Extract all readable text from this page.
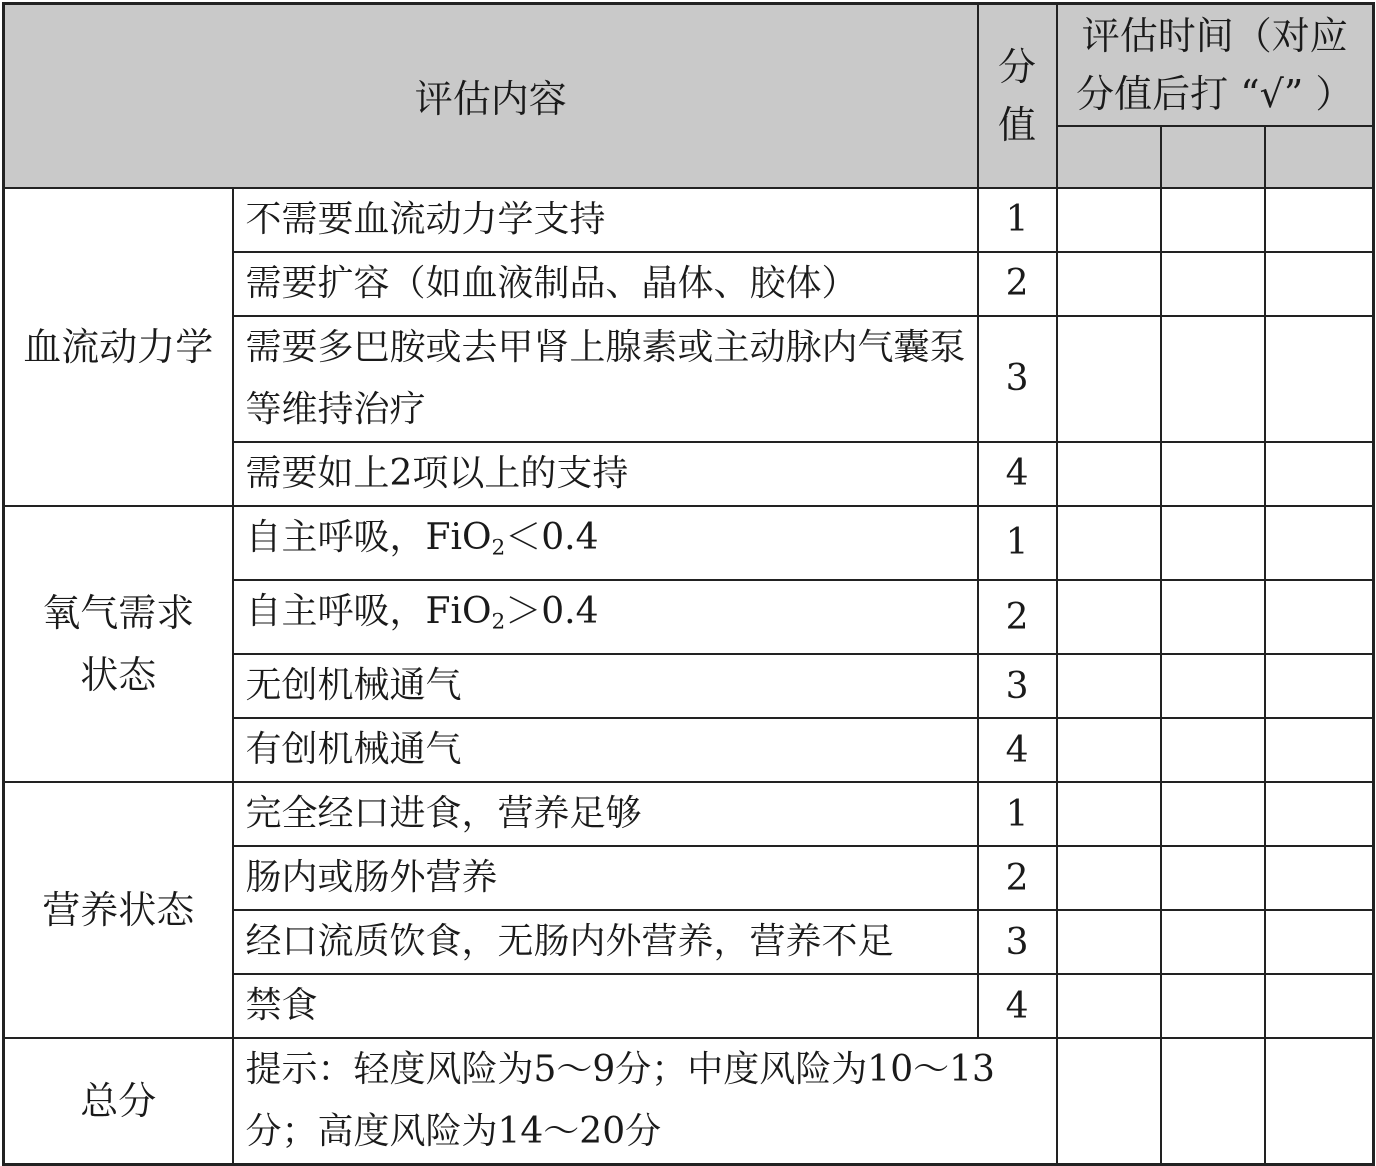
评估内容		分值	评估时间（对应
分值后打 “√” ）		

血流动力学	不需要血流动力学支持	1			
	需要扩容（如血液制品、晶体、胶体）	2			
	需要多巴胺或去甲肾上腺素或主动脉内气囊泵等维持治疗	3			
	需要如上2项以上的支持	4			
氧气需求状态	自主呼吸，FiO$_2$＜0.4	1			
	自主呼吸，FiO$_2$＞0.4	2			
	无创机械通气	3			
	有创机械通气	4			
营养状态	完全经口进食，营养足够	1			
	肠内或肠外营养	2			
	经口流质饮食，无肠内外营养，营养不足	3			
	禁食	4			
总分	提示：轻度风险为5～9分；中度风险为10～13分；高度风险为14～20分				
